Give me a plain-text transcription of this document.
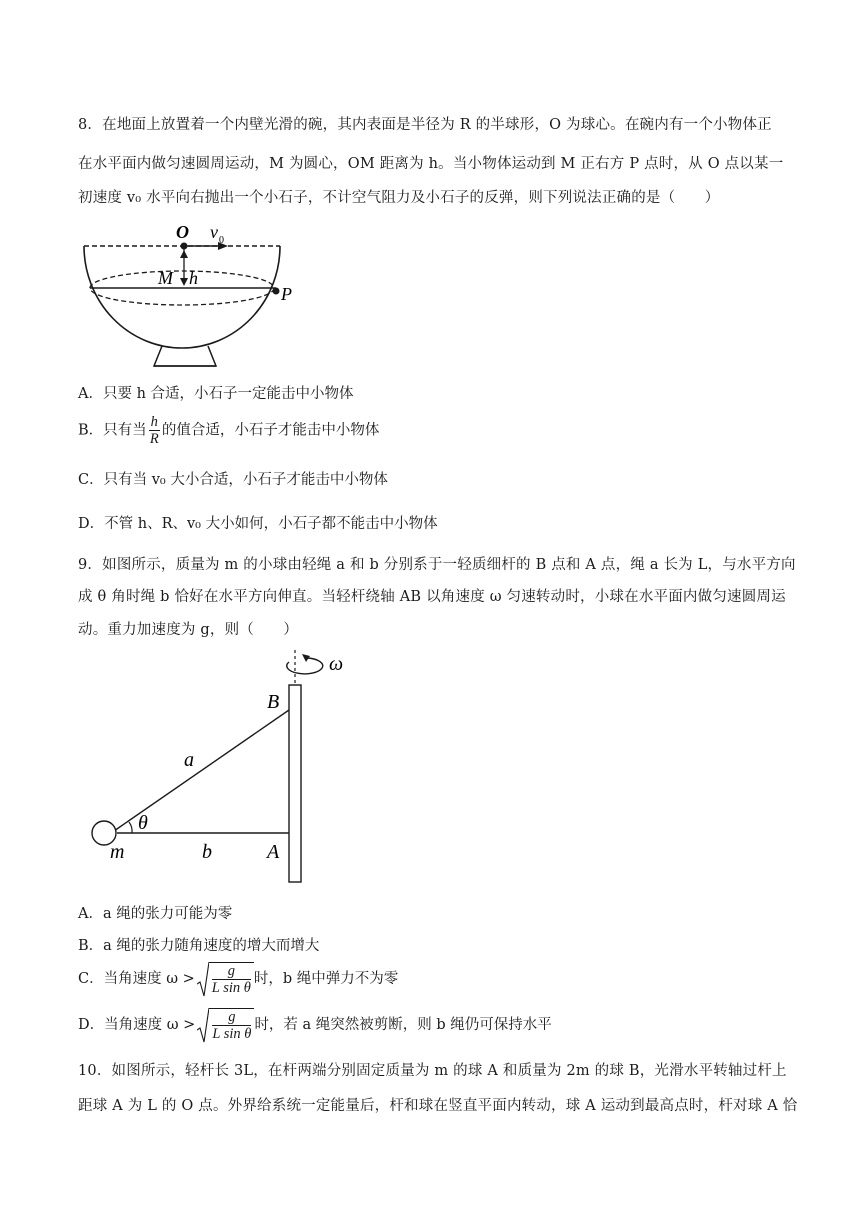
8．在地面上放置着一个内壁光滑的碗，其内表面是半径为 R 的半球形，O 为球心。在碗内有一个小物体正
在水平面内做匀速圆周运动，M 为圆心，OM 距离为 h。当小物体运动到 M 正右方 P 点时，从 O 点以某一
初速度 v₀ 水平向右抛出一个小石子，不计空气阻力及小石子的反弹，则下列说法正确的是（　　）
O v 0
M h
P
A．只要 h 合适，小石子一定能击中小物体
B．只有当 $\frac{h}{R}$ 的值合适，小石子才能击中小物体
C．只有当 v₀ 大小合适，小石子才能击中小物体
D．不管 h、R、v₀ 大小如何，小石子都不能击中小物体
9．如图所示，质量为 m 的小球由轻绳 a 和 b 分别系于一轻质细杆的 B 点和 A 点，绳 a 长为 L，与水平方向
成 θ 角时绳 b 恰好在水平方向伸直。当轻杆绕轴 AB 以角速度 ω 匀速转动时，小球在水平面内做匀速圆周运
动。重力加速度为 g，则（　　）
ω
B
a
θ
m	b	A
A．a 绳的张力可能为零
B．a 绳的张力随角速度的增大而增大
C．当角速度 $\omega > \frac{g}{\text{L sin θ}}$ 时，b 绳中弹力不为零
D．当角速度 $\omega > \frac{g}{\text{L sin θ}}$ 时，若 a 绳突然被剪断，则 b 绳仍可保持水平
10．如图所示，轻杆长 3L，在杆两端分别固定质量为 m 的球 A 和质量为 2m 的球 B，光滑水平转轴过杆上
距球 A 为 L 的 O 点。外界给系统一定能量后，杆和球在竖直平面内转动，球 A 运动到最高点时，杆对球 A 恰
